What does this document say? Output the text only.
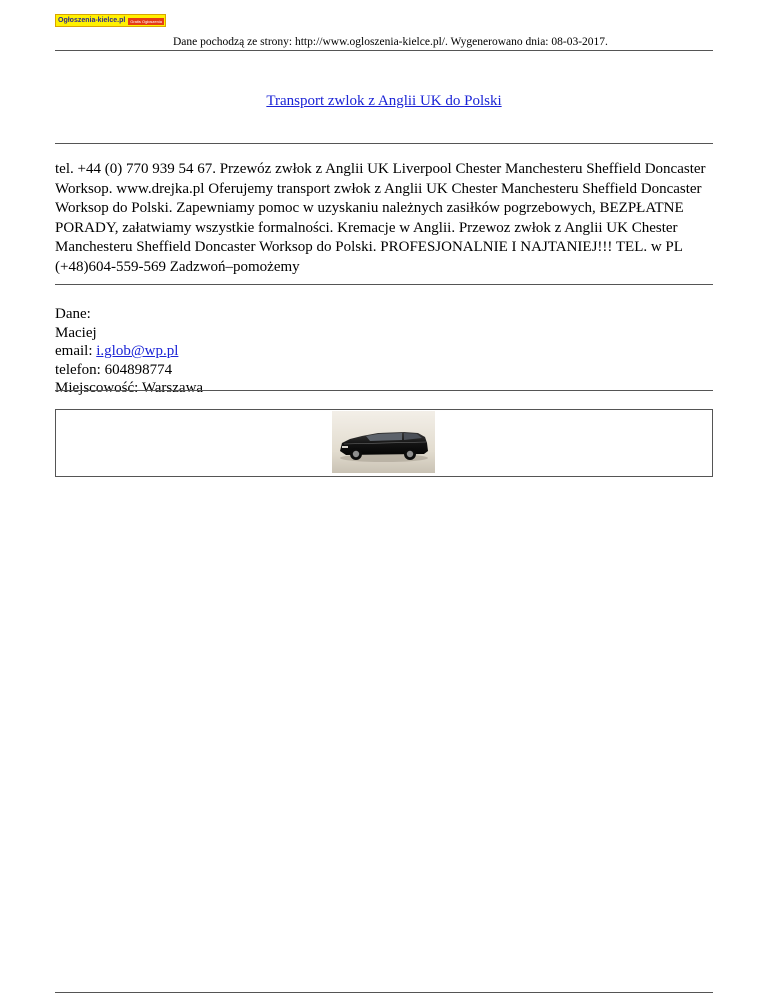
Ogłoszenia-kielce.pl	Gratis Ogłoszenia
Dane pochodzą ze strony: http://www.ogloszenia-kielce.pl/. Wygenerowano dnia: 08-03-2017.
Transport zwlok z Anglii UK do Polski

tel. +44 (0) 770 939 54 67. Przewóz zwłok z Anglii UK Liverpool Chester Manchesteru Sheffield Doncaster Worksop. www.drejka.pl Oferujemy transport zwłok z Anglii UK Chester Manchesteru Sheffield Doncaster Worksop do Polski. Zapewniamy pomoc w uzyskaniu należnych zasiłków pogrzebowych, BEZPŁATNE PORADY, załatwiamy wszystkie formalności. Kremacje w Anglii. Przewoz zwłok z Anglii UK Chester Manchesteru Sheffield Doncaster Worksop do Polski. PROFESJONALNIE I NAJTANIEJ!!! TEL. w PL (+48)604-559-569 Zadzwoń–pomożemy

Dane:
Maciej
email: i.glob@wp.pl
telefon: 604898774
Miejscowość: Warszawa
